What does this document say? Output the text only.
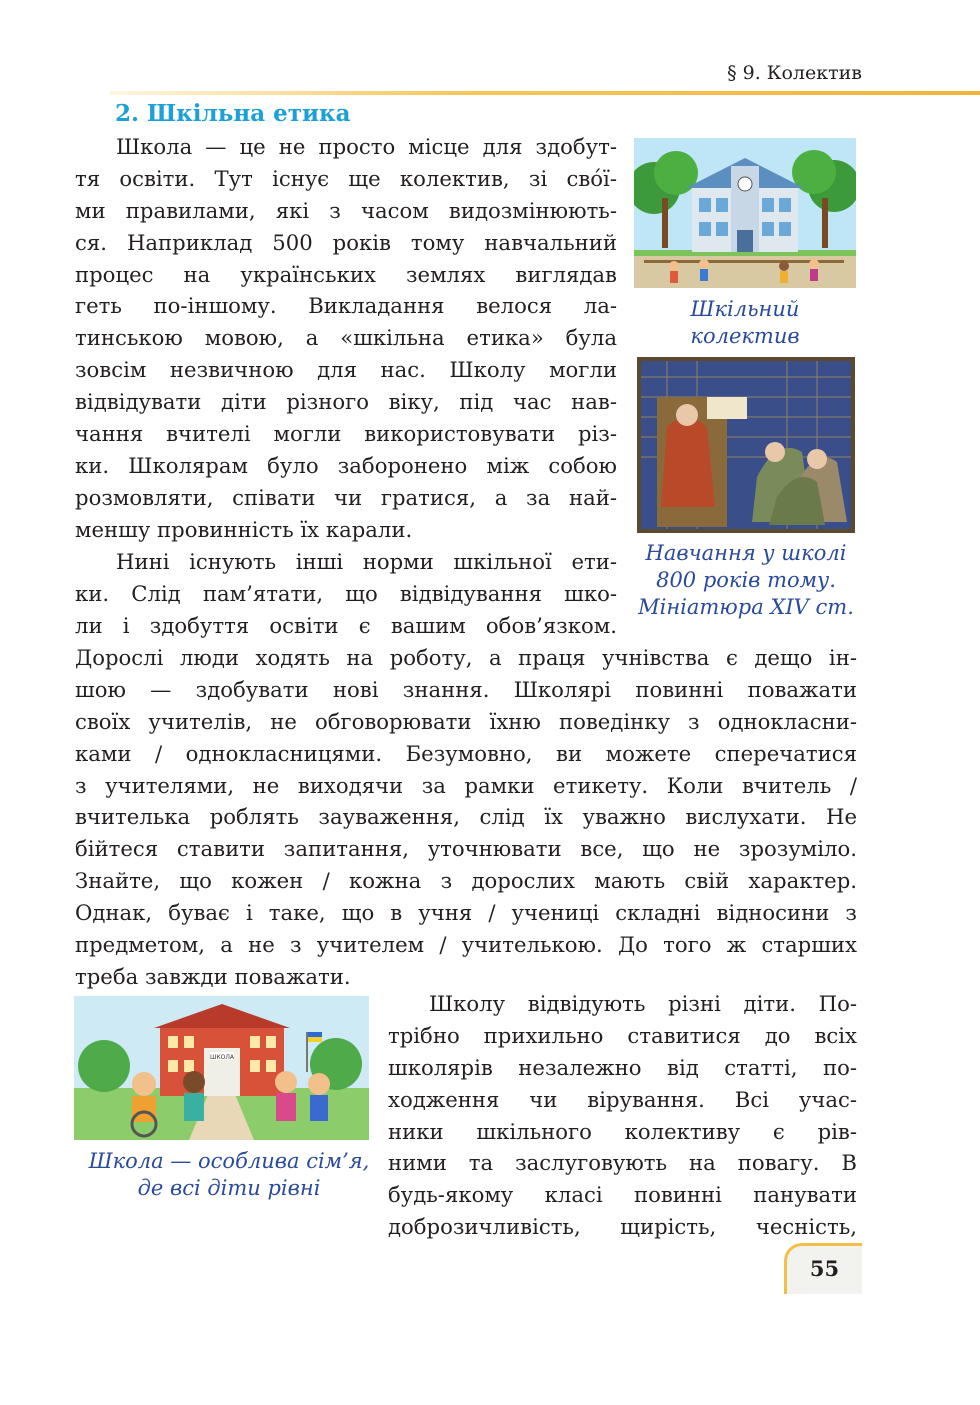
§ 9. Колектив
2. Шкільна етика
Школа — це не просто місце для здобут-
тя освіти. Тут існує ще колектив, зі сво́ї-
ми правилами, які з часом видозмінюють-
ся. Наприклад 500 років тому навчальний
процес на українських землях виглядав
геть по-іншому. Викладання велося ла-
тинською мовою, а «шкільна етика» була
зовсім незвичною для нас. Школу могли
відвідувати діти різного віку, під час нав-
чання вчителі могли використовувати різ-
ки. Школярам було заборонено між собою
розмовляти, співати чи гратися, а за най-
меншу провинність їх карали.
Нині існують інші норми шкільної ети-
ки. Слід пам’ятати, що відвідування шко-
ли і здобуття освіти є вашим обов’язком.
Дорослі люди ходять на роботу, а праця учнівства є дещо ін-
шою — здобувати нові знання. Школярі повинні поважати
своїх учителів, не обговорювати їхню поведінку з однокласни-
ками / однокласницями. Безумовно, ви можете сперечатися
з учителями, не виходячи за рамки етикету. Коли вчитель /
вчителька роблять зауваження, слід їх уважно вислухати. Не
бійтеся ставити запитання, уточнювати все, що не зрозуміло.
Знайте, що кожен / кожна з дорослих мають свій характер.
Однак, буває і таке, що в учня / учениці складні відносини з
предметом, а не з учителем / учителькою. До того ж старших
треба завжди поважати.
Школу відвідують різні діти. По-
трібно прихильно ставитися до всіх
школярів незалежно від статті, по-
ходження чи вірування. Всі учас-
ники шкільного колективу є рів-
ними та заслуговують на повагу. В
будь-якому класі повинні панувати
доброзичливість, щирість, чесність,
Шкільний
колектив
Навчання у школі
800 років тому.
Мініатюра XIV ст.
ШКОЛА
Школа — особлива сім’я,
де всі діти рівні
55
